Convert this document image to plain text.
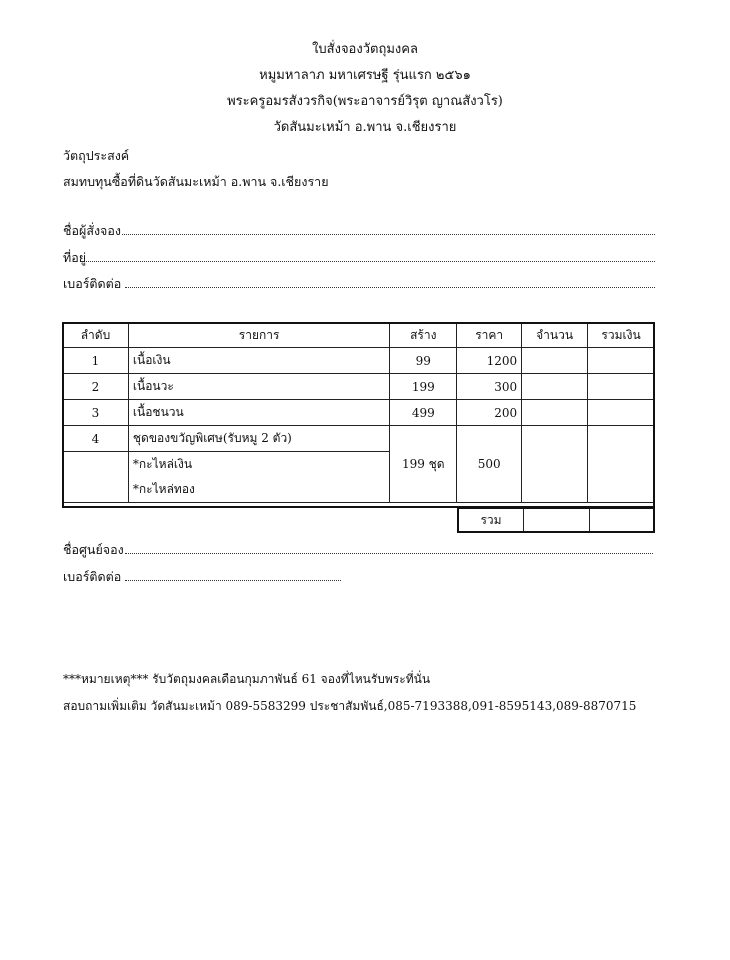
ใบสั่งจองวัตถุมงคล
หมูมหาลาภ มหาเศรษฐี รุ่นแรก ๒๕๖๑
พระครูอมรสังวรกิจ(พระอาจารย์วิรุต ญาณสังวโร)
วัดสันมะเหม้า อ.พาน จ.เชียงราย
วัตถุประสงค์
สมทบทุนซื้อที่ดินวัดสันมะเหม้า อ.พาน จ.เชียงราย
ชื่อผู้สั่งจอง
ที่อยู่
เบอร์ติดต่อ
ลำดับ	รายการ	สร้าง	ราคา	จำนวน	รวมเงิน
1	เนื้อเงิน	99	1200		
2	เนื้อนวะ	199	300		
3	เนื้อชนวน	499	200		
4	ชุดของขวัญพิเศษ(รับหมู 2 ตัว)	199 ชุด	500		
	*กะไหล่เงิน				
	*กะไหล่ทอง				
รวม
ชื่อศูนย์จอง
เบอร์ติดต่อ
***หมายเหตุ*** รับวัตถุมงคลเดือนกุมภาพันธ์ 61 จองที่ไหนรับพระที่นั่น
สอบถามเพิ่มเติม วัดสันมะเหม้า 089-5583299 ประชาสัมพันธ์,085-7193388,091-8595143,089-8870715
